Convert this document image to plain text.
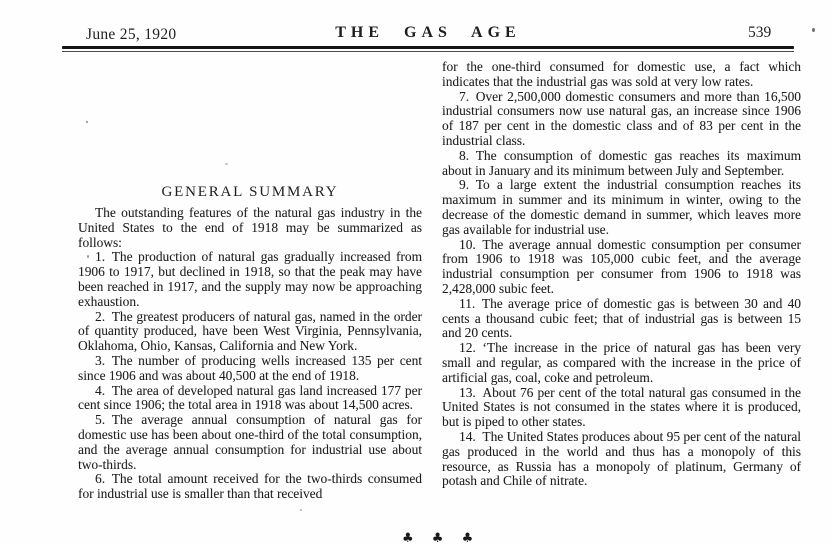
June 25, 1920	THE GAS AGE	539
GENERAL SUMMARY

The outstanding features of the natural gas industry in the United States to the end of 1918 may be summarized as follows:

1. The production of natural gas gradually increased from 1906 to 1917, but declined in 1918, so that the peak may have been reached in 1917, and the supply may now be approaching exhaustion.

2. The greatest producers of natural gas, named in the order of quantity produced, have been West Virginia, Pennsylvania, Oklahoma, Ohio, Kansas, California and New York.

3. The number of producing wells increased 135 per cent since 1906 and was about 40,500 at the end of 1918.

4. The area of developed natural gas land increased 177 per cent since 1906; the total area in 1918 was about 14,500 acres.

5. The average annual consumption of natural gas for domestic use has been about one-third of the total consumption, and the average annual consumption for industrial use about two-thirds.

6. The total amount received for the two-thirds consumed for industrial use is smaller than that received

for the one-third consumed for domestic use, a fact which indicates that the industrial gas was sold at very low rates.

7. Over 2,500,000 domestic consumers and more than 16,500 industrial consumers now use natural gas, an increase since 1906 of 187 per cent in the domestic class and of 83 per cent in the industrial class.

8. The consumption of domestic gas reaches its maximum about in January and its minimum between July and September.

9. To a large extent the industrial consumption reaches its maximum in summer and its minimum in winter, owing to the decrease of the domestic demand in summer, which leaves more gas available for industrial use.

10. The average annual domestic consumption per consumer from 1906 to 1918 was 105,000 cubic feet, and the average industrial consumption per consumer from 1906 to 1918 was 2,428,000 subic feet.

11. The average price of domestic gas is between 30 and 40 cents a thousand cubic feet; that of industrial gas is between 15 and 20 cents.

12. ‘The increase in the price of natural gas has been very small and regular, as compared with the increase in the price of artificial gas, coal, coke and petroleum.

13. About 76 per cent of the total natural gas consumed in the United States is not consumed in the states where it is produced, but is piped to other states.

14. The United States produces about 95 per cent of the natural gas produced in the world and thus has a monopoly of this resource, as Russia has a monopoly of platinum, Germany of potash and Chile of nitrate.

♣ ♣ ♣
